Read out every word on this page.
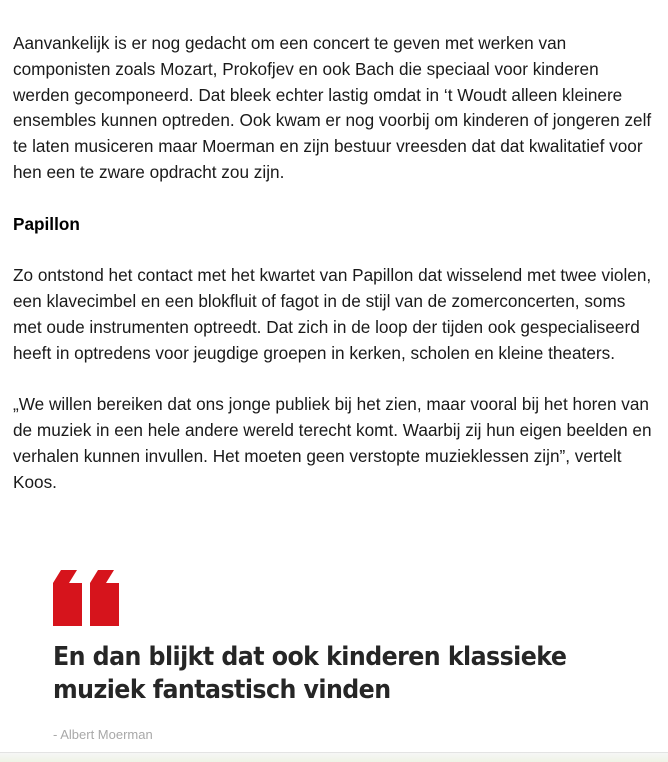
Aanvankelijk is er nog gedacht om een concert te geven met werken van componisten zoals Mozart, Prokofjev en ook Bach die speciaal voor kinderen werden gecomponeerd. Dat bleek echter lastig omdat in ‘t Woudt alleen kleinere ensembles kunnen optreden. Ook kwam er nog voorbij om kinderen of jongeren zelf te laten musiceren maar Moerman en zijn bestuur vreesden dat dat kwalitatief voor hen een te zware opdracht zou zijn.

Papillon

Zo ontstond het contact met het kwartet van Papillon dat wisselend met twee violen, een klavecimbel en een blokfluit of fagot in de stijl van de zomerconcerten, soms met oude instrumenten optreedt. Dat zich in de loop der tijden ook gespecialiseerd heeft in optredens voor jeugdige groepen in kerken, scholen en kleine theaters.

„We willen bereiken dat ons jonge publiek bij het zien, maar vooral bij het horen van de muziek in een hele andere wereld terecht komt. Waarbij zij hun eigen beelden en verhalen kunnen invullen. Het moeten geen verstopte muzieklessen zijn”, vertelt Koos.

En dan blijkt dat ook kinderen klassieke muziek fantastisch vinden
- Albert Moerman
